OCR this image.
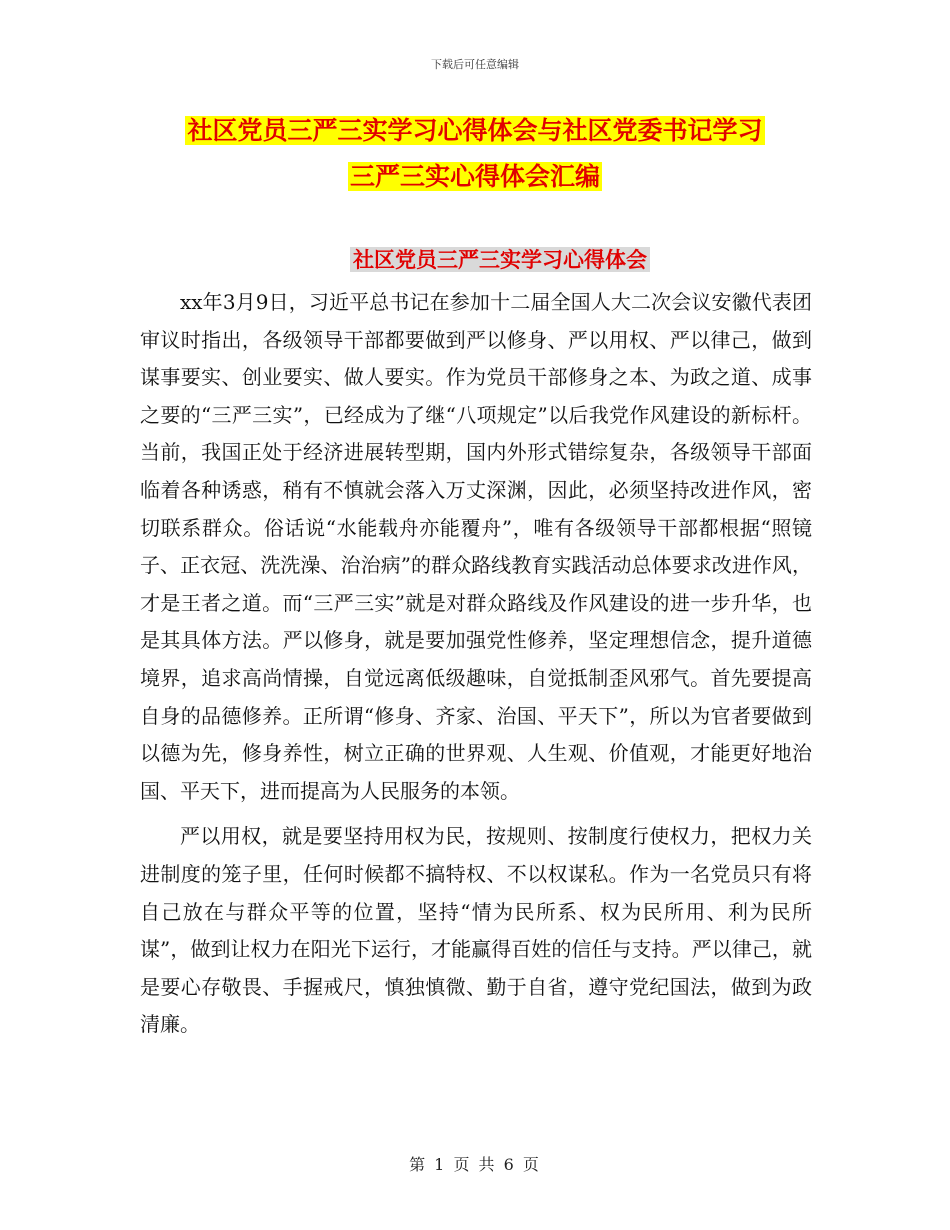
下载后可任意编辑
社区党员三严三实学习心得体会与社区党委书记学习
三严三实心得体会汇编
社区党员三严三实学习心得体会

xx年3月9日，习近平总书记在参加十二届全国人大二次会议安徽代表团审议时指出，各级领导干部都要做到严以修身、严以用权、严以律己，做到谋事要实、创业要实、做人要实。作为党员干部修身之本、为政之道、成事之要的“三严三实”，已经成为了继“八项规定”以后我党作风建设的新标杆。当前，我国正处于经济进展转型期，国内外形式错综复杂，各级领导干部面临着各种诱惑，稍有不慎就会落入万丈深渊，因此，必须坚持改进作风，密切联系群众。俗话说“水能载舟亦能覆舟”，唯有各级领导干部都根据“照镜子、正衣冠、洗洗澡、治治病”的群众路线教育实践活动总体要求改进作风，才是王者之道。而“三严三实”就是对群众路线及作风建设的进一步升华，也是其具体方法。严以修身，就是要加强党性修养，坚定理想信念，提升道德境界，追求高尚情操，自觉远离低级趣味，自觉抵制歪风邪气。首先要提高自身的品德修养。正所谓“修身、齐家、治国、平天下”，所以为官者要做到以德为先，修身养性，树立正确的世界观、人生观、价值观，才能更好地治国、平天下，进而提高为人民服务的本领。

严以用权，就是要坚持用权为民，按规则、按制度行使权力，把权力关进制度的笼子里，任何时候都不搞特权、不以权谋私。作为一名党员只有将自己放在与群众平等的位置，坚持“情为民所系、权为民所用、利为民所谋”，做到让权力在阳光下运行，才能赢得百姓的信任与支持。严以律己，就是要心存敬畏、手握戒尺，慎独慎微、勤于自省，遵守党纪国法，做到为政清廉。

第 1 页 共 6 页
